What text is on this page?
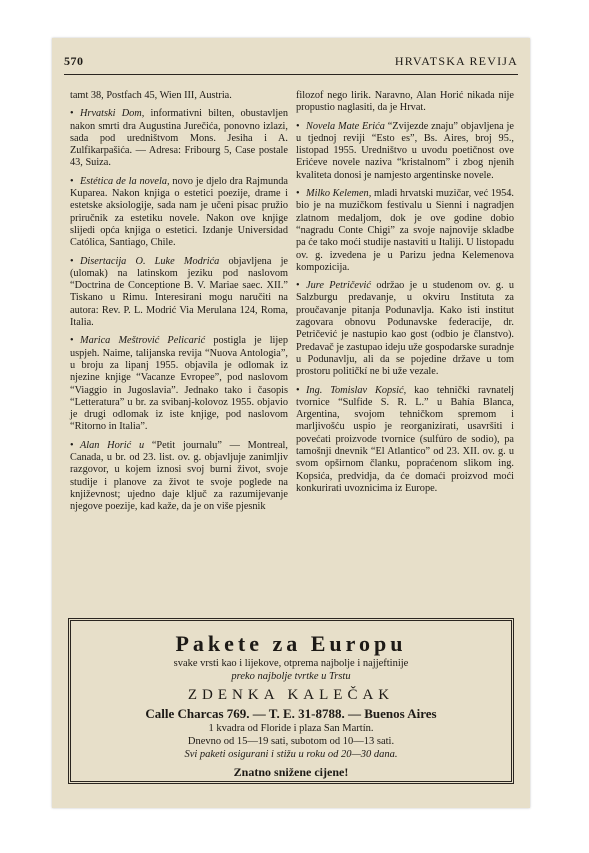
570	HRVATSKA REVIJA

tamt 38, Postfach 45, Wien III, Austria.

• Hrvatski Dom, informativni bilten, obustavljen nakon smrti dra Augustina Jurečića, ponovno izlazi, sada pod uredništvom Mons. Jesiha i A. Zulfikarpašića. — Adresa: Fribourg 5, Case postale 43, Suiza.

• Estética de la novela, novo je djelo dra Rajmunda Kuparea. Nakon knjiga o estetici poezije, drame i estetske aksiologije, sada nam je učeni pisac pružio priručnik za estetiku novele. Nakon ove knjige slijedi opća knjiga o estetici. Izdanje Universidad Católica, Santiago, Chile.

• Disertacija O. Luke Modrića objavljena je (ulomak) na latinskom jeziku pod naslovom “Doctrina de Conceptione B. V. Mariae saec. XII.” Tiskano u Rimu. Interesirani mogu naručiti na autora: Rev. P. L. Modrić Via Merulana 124, Roma, Italia.

• Marica Meštrović Pelicarić postigla je lijep uspjeh. Naime, talijanska revija “Nuova Antologia”, u broju za lipanj 1955. objavila je odlomak iz njezine knjige “Vacanze Evropee”, pod naslovom “Viaggio in Jugoslavia”. Jednako tako i časopis “Letteratura” u br. za svibanj-kolovoz 1955. objavio je drugi odlomak iz iste knjige, pod naslovom “Ritorno in Italia”.

• Alan Horić u “Petit journalu” — Montreal, Canada, u br. od 23. list. ov. g. objavljuje zanimljiv razgovor, u kojem iznosi svoj burni život, svoje studije i planove za život te svoje poglede na književnost; ujedno daje ključ za razumijevanje njegove poezije, kad kaže, da je on više pjesnik

filozof nego lirik. Naravno, Alan Horić nikada nije propustio naglasiti, da je Hrvat.

• Novela Mate Erića “Zvijezde znaju” objavljena je u tjednoj reviji “Esto es”, Bs. Aires, broj 95., listopad 1955. Uredništvo u uvodu poetičnost ove Erićeve novele naziva “kristalnom” i zbog njenih kvaliteta donosi je namjesto argentinske novele.

• Milko Kelemen, mladi hrvatski muzičar, već 1954. bio je na muzičkom festivalu u Sienni i nagradjen zlatnom medaljom, dok je ove godine dobio “nagradu Conte Chigi” za svoje najnovije skladbe pa će tako moći studije nastaviti u Italiji. U listopadu ov. g. izvedena je u Parizu jedna Kelemenova kompozicija.

• Jure Petričević održao je u studenom ov. g. u Salzburgu predavanje, u okviru Instituta za proučavanje pitanja Podunavlja. Kako isti institut zagovara obnovu Podunavske federacije, dr. Petričević je nastupio kao gost (odbio je članstvo). Predavač je zastupao ideju uže gospodarske suradnje u Podunavlju, ali da se pojedine države u tom prostoru političkí ne bi uže vezale.

• Ing. Tomislav Kopsić, kao tehnički ravnatelj tvornice “Sulfide S. R. L.” u Bahía Blanca, Argentina, svojom tehničkom spremom i marljivošću uspio je reorganizirati, usavršiti i povećati proizvode tvornice (sulfúro de sodio), pa tamošnji dnevnik “El Atlantico” od 23. XII. ov. g. u svom opširnom članku, popraćenom slikom ing. Kopsića, predvidja, da će domaći proizvod moći konkurirati uvoznicima iz Europe.

Pakete za Europu
svake vrsti kao i lijekove, otprema najbolje i najjeftinije
preko najbolje tvrtke u Trstu
ZDENKA KALEČAK
Calle Charcas 769. — T. E. 31-8788. — Buenos Aires
1 kvadra od Floride i plaza San Martín.
Dnevno od 15—19 sati, subotom od 10—13 sati.
Svi paketi osigurani i stižu u roku od 20—30 dana.
Znatno snižene cijene!
